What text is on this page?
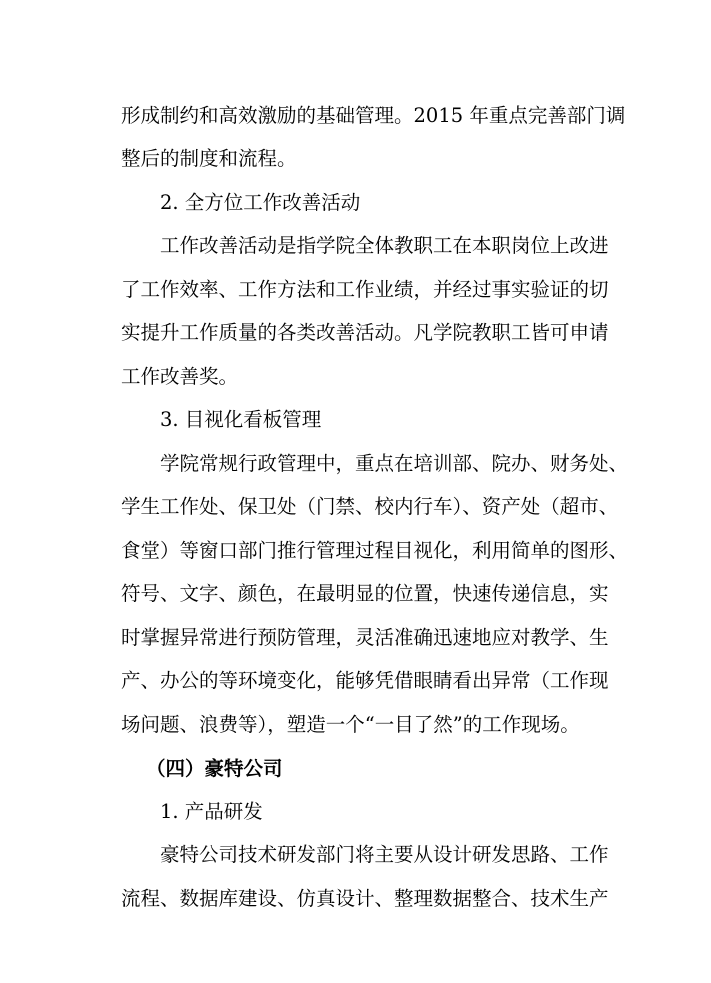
形成制约和高效激励的基础管理。2015 年重点完善部门调

整后的制度和流程。

2. 全方位工作改善活动

工作改善活动是指学院全体教职工在本职岗位上改进

了工作效率、工作方法和工作业绩，并经过事实验证的切

实提升工作质量的各类改善活动。凡学院教职工皆可申请

工作改善奖。

3. 目视化看板管理

学院常规行政管理中，重点在培训部、院办、财务处、

学生工作处、保卫处（门禁、校内行车）、资产处（超市、

食堂）等窗口部门推行管理过程目视化，利用简单的图形、

符号、文字、颜色，在最明显的位置，快速传递信息，实

时掌握异常进行预防管理，灵活准确迅速地应对教学、生

产、办公的等环境变化，能够凭借眼睛看出异常（工作现

场问题、浪费等），塑造一个“一目了然”的工作现场。

（四）豪特公司

1. 产品研发

豪特公司技术研发部门将主要从设计研发思路、工作

流程、数据库建设、仿真设计、整理数据整合、技术生产
